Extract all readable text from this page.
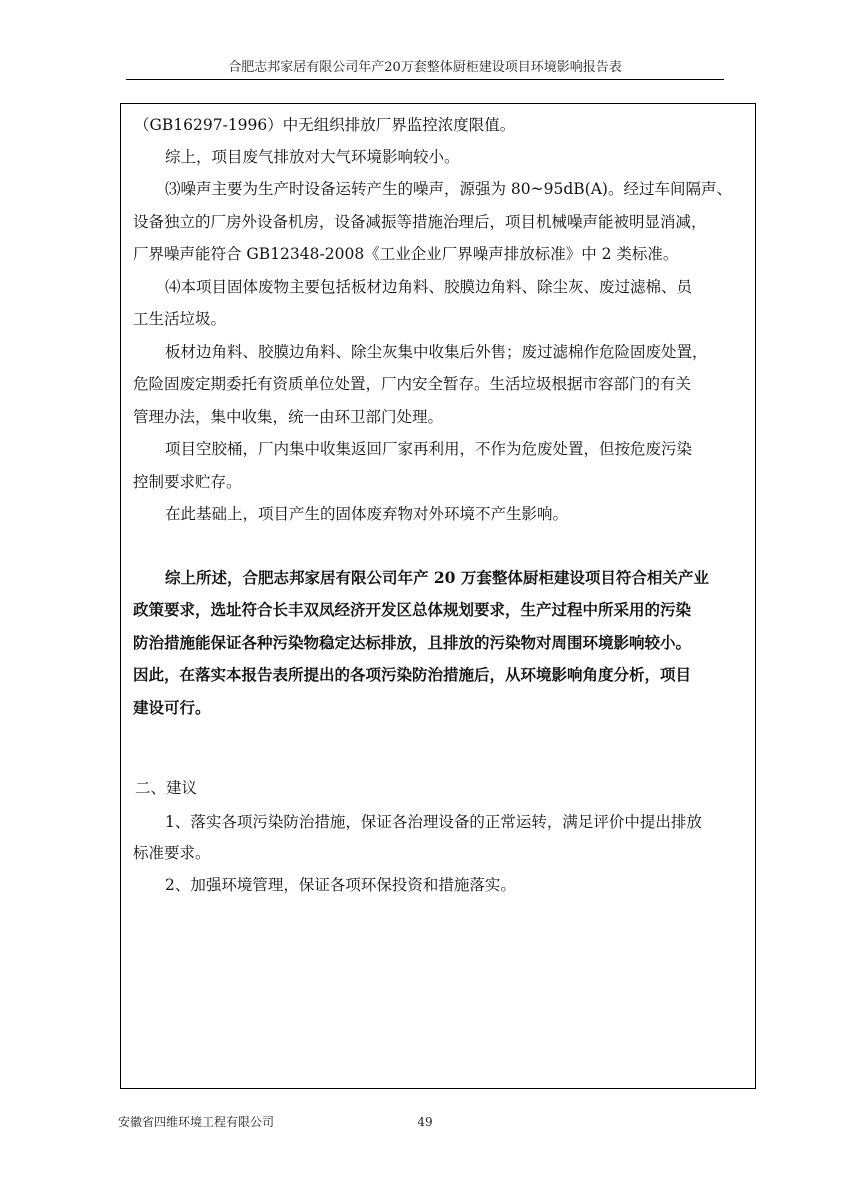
合肥志邦家居有限公司年产20万套整体厨柜建设项目环境影响报告表
（GB16297-1996）中无组织排放厂界监控浓度限值。
综上，项目废气排放对大气环境影响较小。
⑶噪声主要为生产时设备运转产生的噪声，源强为 80~95dB(A)。经过车间隔声、
设备独立的厂房外设备机房，设备减振等措施治理后，项目机械噪声能被明显消减，
厂界噪声能符合 GB12348-2008《工业企业厂界噪声排放标准》中 2 类标准。
⑷本项目固体废物主要包括板材边角料、胶膜边角料、除尘灰、废过滤棉、员
工生活垃圾。
板材边角料、胶膜边角料、除尘灰集中收集后外售；废过滤棉作危险固废处置，
危险固废定期委托有资质单位处置，厂内安全暂存。生活垃圾根据市容部门的有关
管理办法，集中收集，统一由环卫部门处理。
项目空胶桶，厂内集中收集返回厂家再利用，不作为危废处置，但按危废污染
控制要求贮存。
在此基础上，项目产生的固体废弃物对外环境不产生影响。
综上所述，合肥志邦家居有限公司年产 20 万套整体厨柜建设项目符合相关产业
政策要求，选址符合长丰双凤经济开发区总体规划要求，生产过程中所采用的污染
防治措施能保证各种污染物稳定达标排放，且排放的污染物对周围环境影响较小。
因此，在落实本报告表所提出的各项污染防治措施后，从环境影响角度分析，项目
建设可行。
二、建议
1、落实各项污染防治措施，保证各治理设备的正常运转，满足评价中提出排放
标准要求。
2、加强环境管理，保证各项环保投资和措施落实。
安徽省四维环境工程有限公司	49
